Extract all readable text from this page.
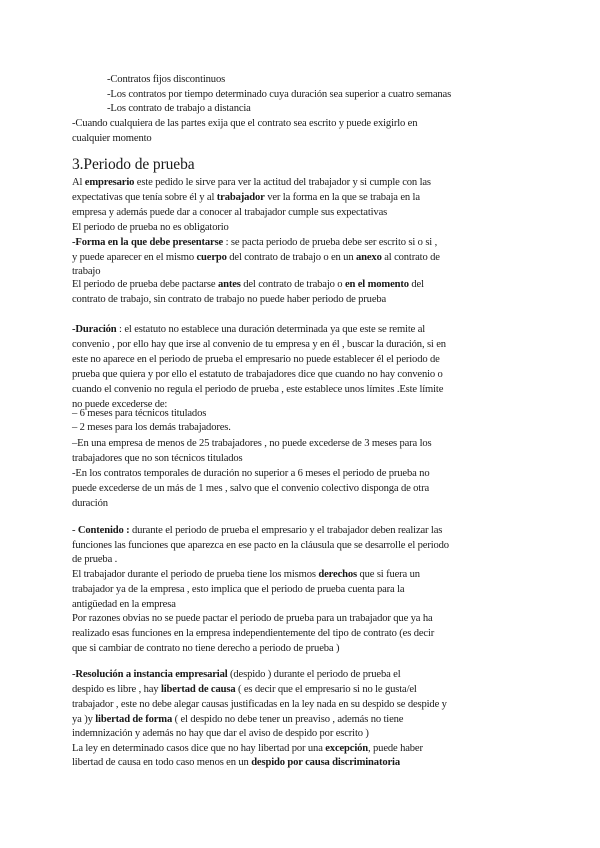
-Contratos fijos discontinuos

-Los contratos por tiempo determinado cuya duración sea superior a cuatro semanas

-Los contrato de trabajo a distancia

-Cuando cualquiera de las partes exija que el contrato sea escrito y puede exigirlo en

cualquier momento

3.Periodo de prueba

Al empresario este pedido le sirve para ver la actitud del trabajador y si cumple con las

expectativas que tenía sobre él y al trabajador ver la forma en la que se trabaja en la

empresa y además puede dar a conocer al trabajador cumple sus expectativas

El periodo de prueba no es obligatorio

-Forma en la que debe presentarse : se pacta periodo de prueba debe ser escrito si o si ,

y puede aparecer en el mismo cuerpo del contrato de trabajo o en un anexo al contrato de

trabajo

El periodo de prueba debe pactarse antes del contrato de trabajo o en el momento del

contrato de trabajo, sin contrato de trabajo no puede haber periodo de prueba

-Duración : el estatuto no establece una duración determinada ya que este se remite al

convenio , por ello hay que irse al convenio de tu empresa y en él , buscar la duración, si en

este no aparece en el periodo de prueba el empresario no puede establecer él el periodo de

prueba que quiera y por ello el estatuto de trabajadores dice que cuando no hay convenio o

cuando el convenio no regula el periodo de prueba , este establece unos límites .Este límite

no puede excederse de:

– 6 meses para técnicos titulados

– 2 meses para los demás trabajadores.

–En una empresa de menos de 25 trabajadores , no puede excederse de 3 meses para los

trabajadores que no son técnicos titulados

-En los contratos temporales de duración no superior a 6 meses el periodo de prueba no

puede excederse de un más de 1 mes , salvo que el convenio colectivo disponga de otra

duración

- Contenido : durante el periodo de prueba el empresario y el trabajador deben realizar las

funciones las funciones que aparezca en ese pacto en la cláusula que se desarrolle el periodo

de prueba .

El trabajador durante el periodo de prueba tiene los mismos derechos que si fuera un

trabajador ya de la empresa , esto implica que el periodo de prueba cuenta para la

antigüedad en la empresa

Por razones obvias no se puede pactar el periodo de prueba para un trabajador que ya ha

realizado esas funciones en la empresa independientemente del tipo de contrato (es decir

que si cambiar de contrato no tiene derecho a periodo de prueba )

-Resolución a instancia empresarial (despido ) durante el periodo de prueba el

despido es libre , hay libertad de causa ( es decir que el empresario si no le gusta/el

trabajador , este no debe alegar causas justificadas en la ley nada en su despido se despide y

ya )y libertad de forma ( el despido no debe tener un preaviso , además no tiene

indemnización y además no hay que dar el aviso de despido por escrito )

La ley en determinado casos dice que no hay libertad por una excepción, puede haber

libertad de causa en todo caso menos en un despido por causa discriminatoria
